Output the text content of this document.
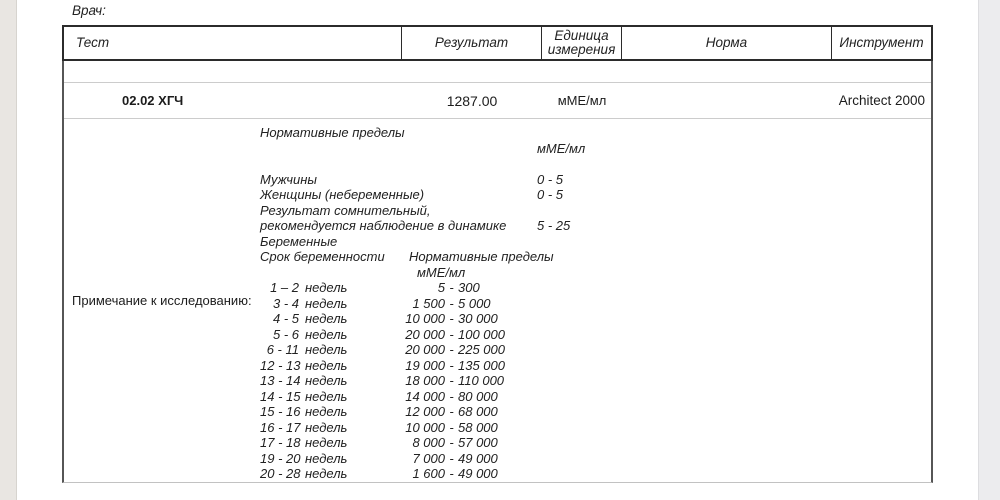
Врач:
Тест	Результат	Единица измерения	Норма	Инструмент
02.02 ХГЧ	1287.00	мМЕ/мл	Architect 2000
Примечание к исследованию:
Нормативные пределы
мМЕ/мл
Мужчины	0 - 5
Женщины (небеременные)	0 - 5
Результат сомнительный,
рекомендуется наблюдение в динамике 5 - 25
Беременные
Срок беременности Нормативные пределы
мМЕ/мл
1 – 2 недель	5 - 300
3 - 4 недель	1 500 - 5 000
4 - 5 недель	10 000 - 30 000
5 - 6 недель	20 000 - 100 000
6 - 11 недель	20 000 - 225 000
12 - 13 недель	19 000 - 135 000
13 - 14 недель	18 000 - 110 000
14 - 15 недель	14 000 - 80 000
15 - 16 недель	12 000 - 68 000
16 - 17 недель	10 000 - 58 000
17 - 18 недель	8 000 - 57 000
19 - 20 недель	7 000 - 49 000
20 - 28 недель	1 600 - 49 000
